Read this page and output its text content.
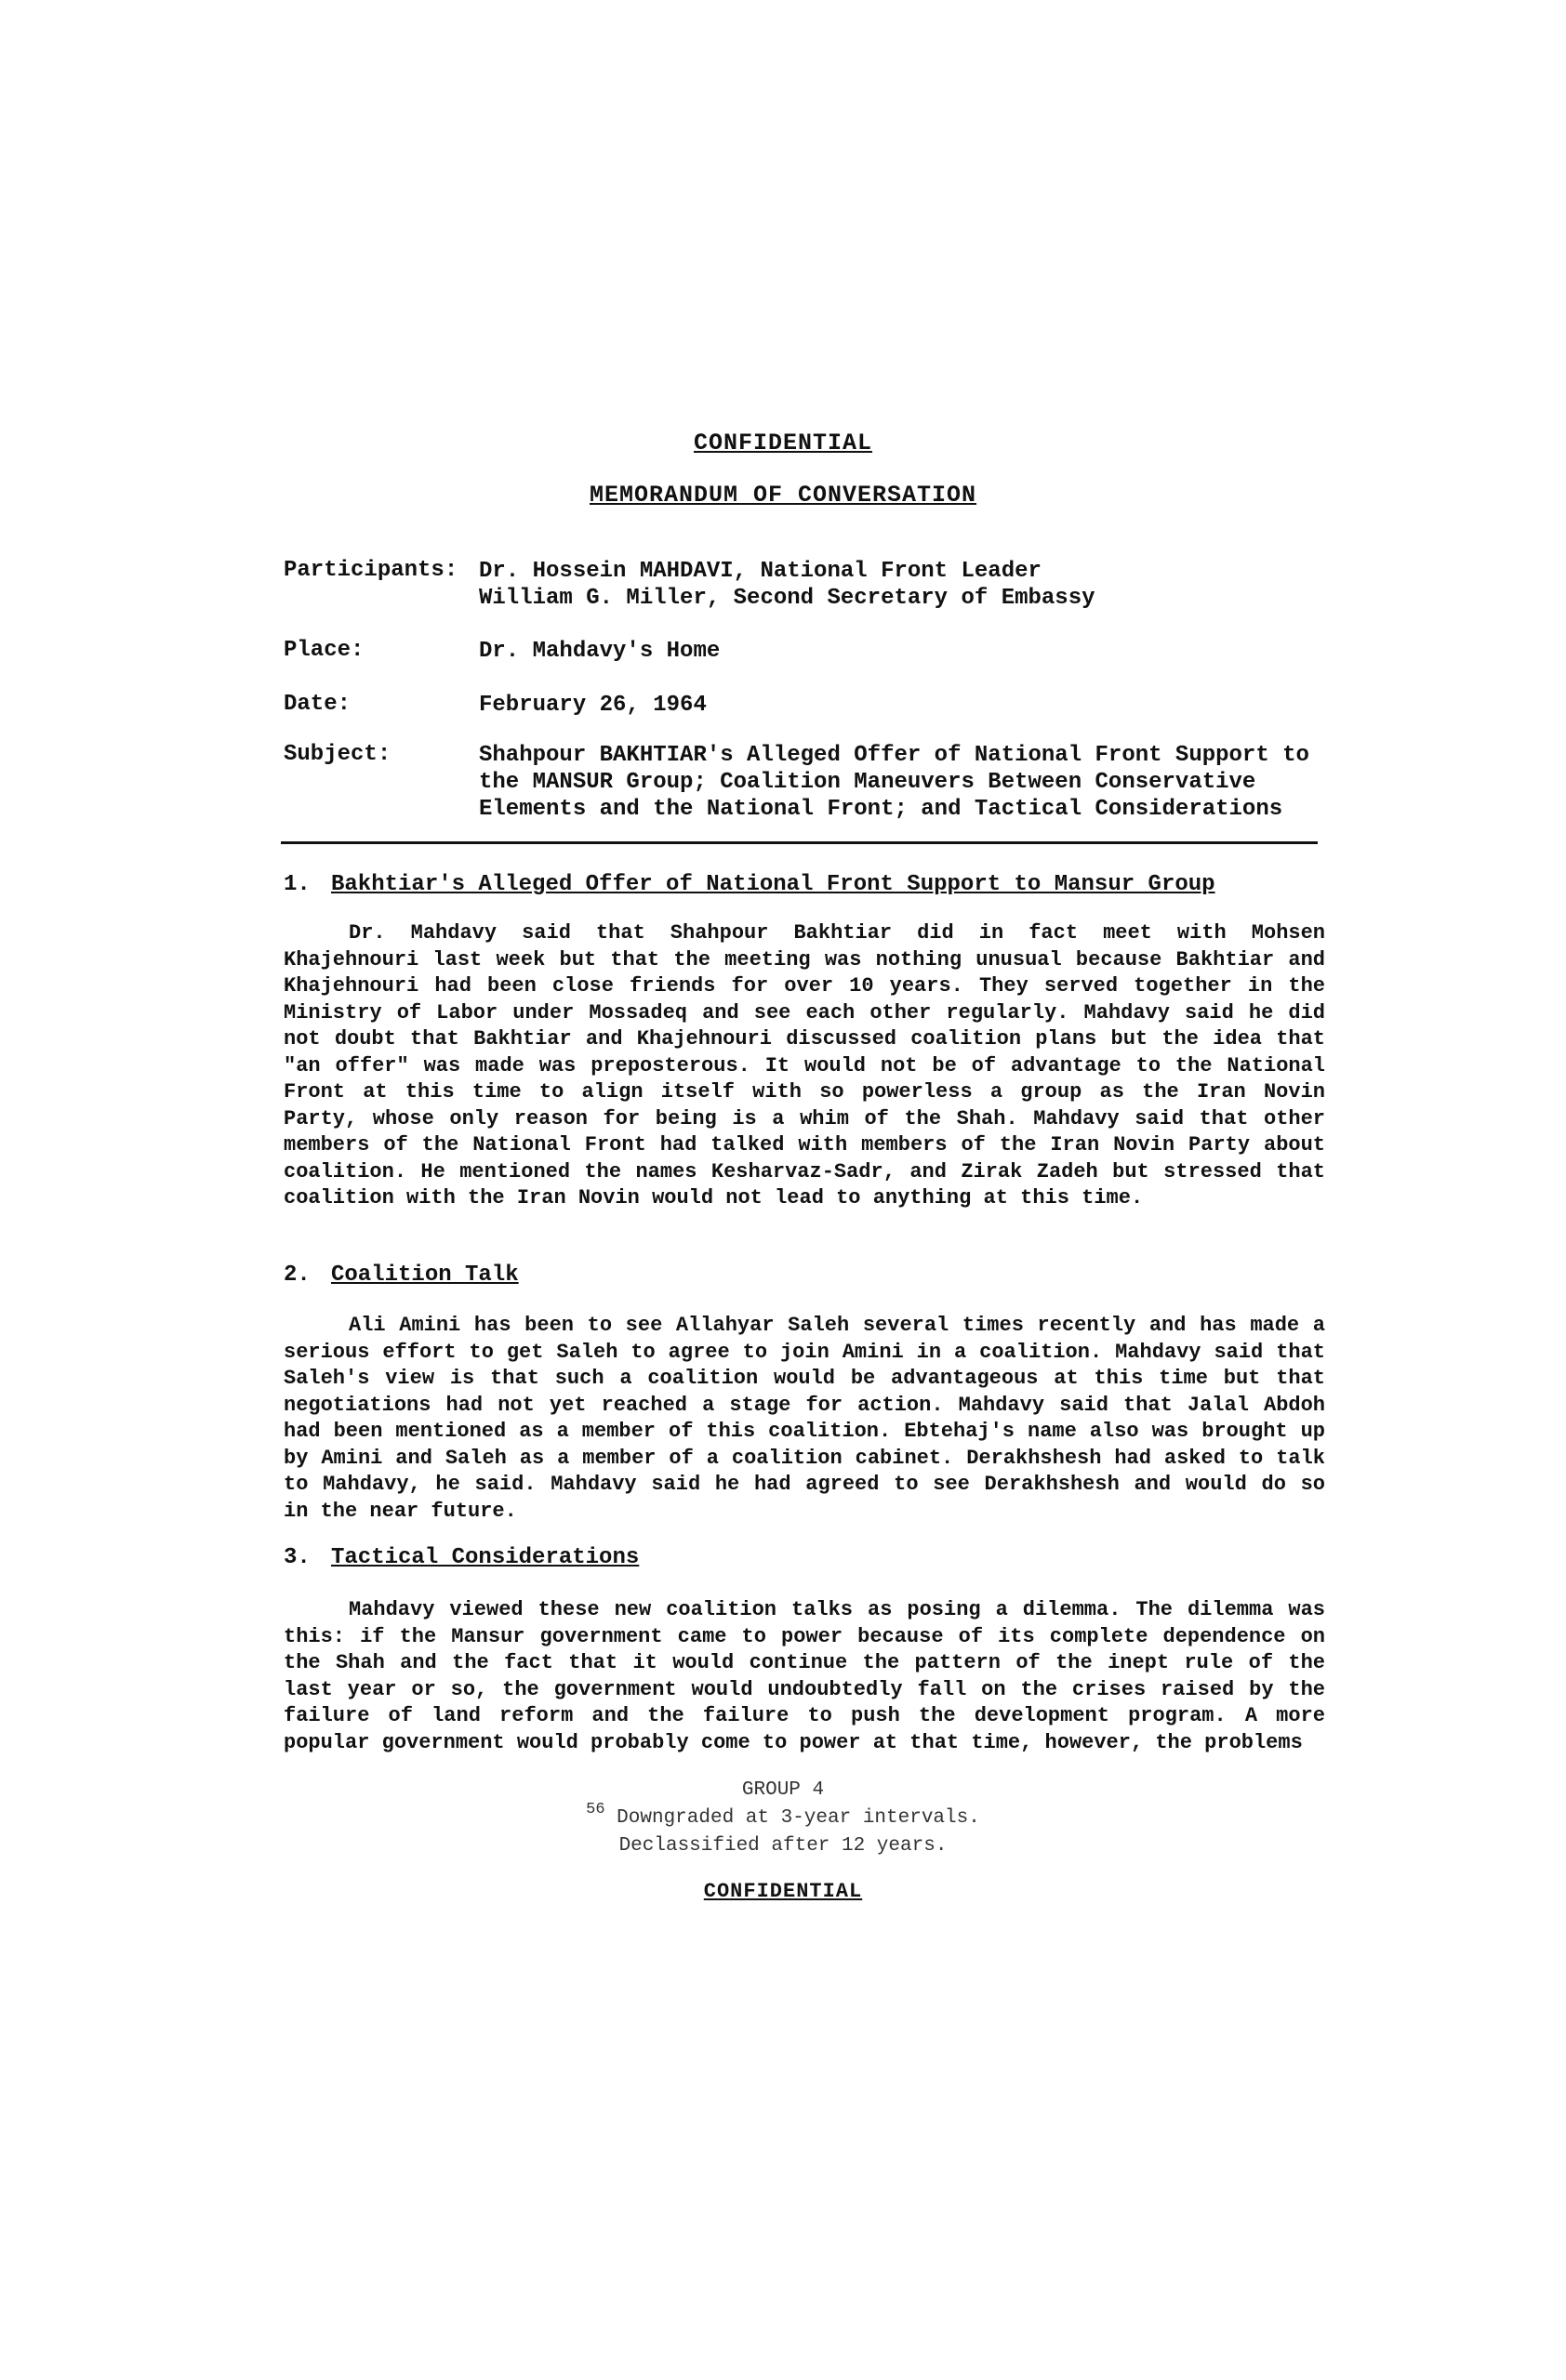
CONFIDENTIAL
MEMORANDUM OF CONVERSATION
Participants: Dr. Hossein MAHDAVI, National Front Leader
William G. Miller, Second Secretary of Embassy
Place:	Dr. Mahdavy's Home
Date:	February 26, 1964
Subject:	Shahpour BAKHTIAR's Alleged Offer of National Front Support to the MANSUR Group; Coalition Maneuvers Between Conservative Elements and the National Front; and Tactical Considerations
1. Bakhtiar's Alleged Offer of National Front Support to Mansur Group

Dr. Mahdavy said that Shahpour Bakhtiar did in fact meet with Mohsen Khajehnouri last week but that the meeting was nothing unusual because Bakhtiar and Khajehnouri had been close friends for over 10 years. They served together in the Ministry of Labor under Mossadeq and see each other regularly. Mahdavy said he did not doubt that Bakhtiar and Khajehnouri discussed coalition plans but the idea that "an offer" was made was preposterous. It would not be of advantage to the National Front at this time to align itself with so powerless a group as the Iran Novin Party, whose only reason for being is a whim of the Shah. Mahdavy said that other members of the National Front had talked with members of the Iran Novin Party about coalition. He mentioned the names Kesharvaz-Sadr, and Zirak Zadeh but stressed that coalition with the Iran Novin would not lead to anything at this time.

2. Coalition Talk

Ali Amini has been to see Allahyar Saleh several times recently and has made a serious effort to get Saleh to agree to join Amini in a coalition. Mahdavy said that Saleh's view is that such a coalition would be advantageous at this time but that negotiations had not yet reached a stage for action. Mahdavy said that Jalal Abdoh had been mentioned as a member of this coalition. Ebtehaj's name also was brought up by Amini and Saleh as a member of a coalition cabinet. Derakhshesh had asked to talk to Mahdavy, he said. Mahdavy said he had agreed to see Derakhshesh and would do so in the near future.

3. Tactical Considerations

Mahdavy viewed these new coalition talks as posing a dilemma. The dilemma was this: if the Mansur government came to power because of its complete dependence on the Shah and the fact that it would continue the pattern of the inept rule of the last year or so, the government would undoubtedly fall on the crises raised by the failure of land reform and the failure to push the development program. A more popular government would probably come to power at that time, however, the problems

GROUP 4
$^{56}$ Downgraded at 3-year intervals.
Declassified after 12 years.
CONFIDENTIAL
